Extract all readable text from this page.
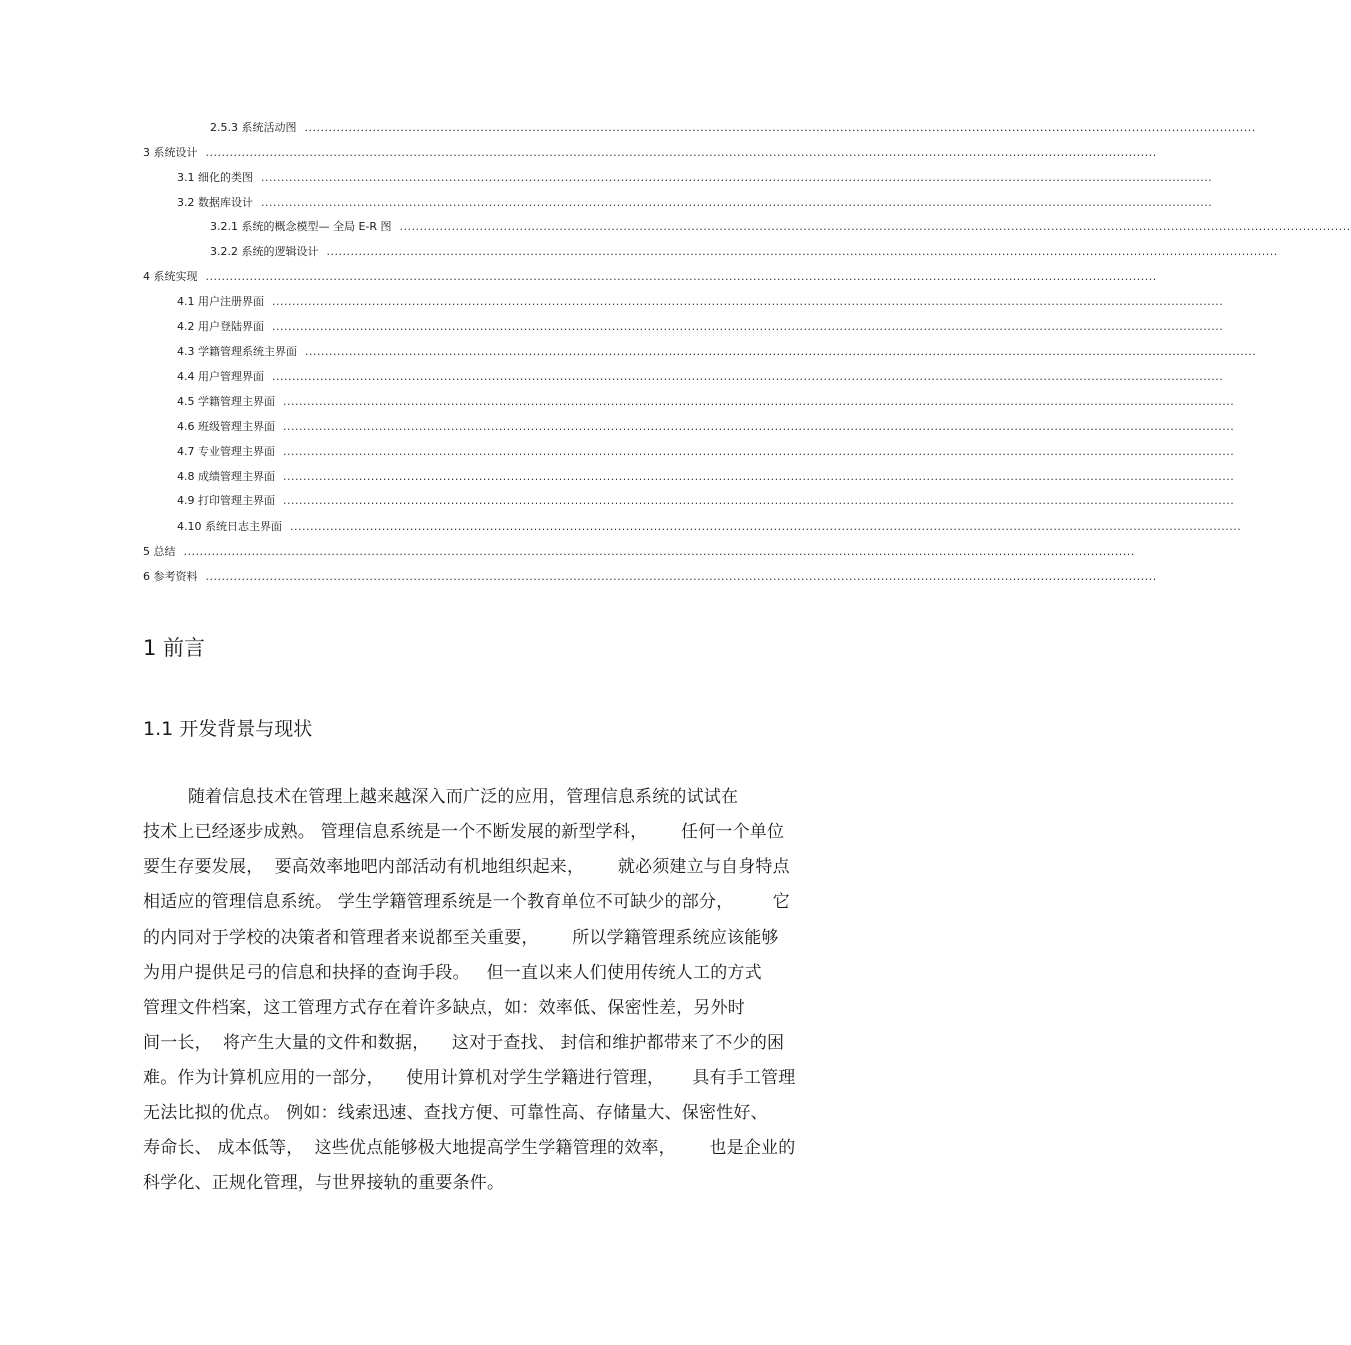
2.5.3 系统活动图 ..............................................................................................................................................................................................................................................
3 系统设计 ..............................................................................................................................................................................................................................................
3.1 细化的类图 ..............................................................................................................................................................................................................................................
3.2 数据库设计 ..............................................................................................................................................................................................................................................
3.2.1 系统的概念模型— 全局 E-R 图 ..............................................................................................................................................................................................................................................
3.2.2 系统的逻辑设计 ..............................................................................................................................................................................................................................................
4 系统实现 ..............................................................................................................................................................................................................................................
4.1 用户注册界面 ..............................................................................................................................................................................................................................................
4.2 用户登陆界面 ..............................................................................................................................................................................................................................................
4.3 学籍管理系统主界面 ..............................................................................................................................................................................................................................................
4.4 用户管理界面 ..............................................................................................................................................................................................................................................
4.5 学籍管理主界面 ..............................................................................................................................................................................................................................................
4.6 班级管理主界面 ..............................................................................................................................................................................................................................................
4.7 专业管理主界面 ..............................................................................................................................................................................................................................................
4.8 成绩管理主界面 ..............................................................................................................................................................................................................................................
4.9 打印管理主界面 ..............................................................................................................................................................................................................................................
4.10 系统日志主界面 ..............................................................................................................................................................................................................................................
5 总结 ..............................................................................................................................................................................................................................................
6 参考资料 ..............................................................................................................................................................................................................................................
1 前言
1.1 开发背景与现状
随着信息技术在管理上越来越深入而广泛的应用，管理信息系统的试试在
技术上已经逐步成熟。 管理信息系统是一个不断发展的新型学科，      任何一个单位
要生存要发展，  要高效率地吧内部活动有机地组织起来，      就必须建立与自身特点
相适应的管理信息系统。 学生学籍管理系统是一个教育单位不可缺少的部分，       它
的内同对于学校的决策者和管理者来说都至关重要，      所以学籍管理系统应该能够
为用户提供足弓的信息和抉择的查询手段。   但一直以来人们使用传统人工的方式
管理文件档案，这工管理方式存在着许多缺点，如：效率低、保密性差，另外时
间一长，  将产生大量的文件和数据，    这对于查找、 封信和维护都带来了不少的困
难。作为计算机应用的一部分，    使用计算机对学生学籍进行管理，     具有手工管理
无法比拟的优点。 例如：线索迅速、查找方便、可靠性高、存储量大、保密性好、
寿命长、 成本低等，  这些优点能够极大地提高学生学籍管理的效率，      也是企业的
科学化、正规化管理，与世界接轨的重要条件。
